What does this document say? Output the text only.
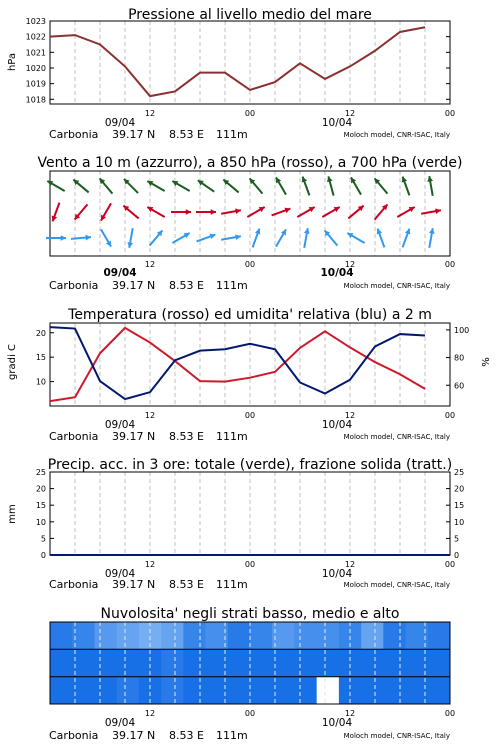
Pressione al livello medio del mare
hPa
1018
1019
1020
1021
1022
1023
12	00	12	00
09/04	10/04
Carbonia 39.17 N 8.53 E 111m	Moloch model, CNR-ISAC, Italy
Vento a 10 m (azzurro), a 850 hPa (rosso), a 700 hPa (verde)
12	00	12	00
09/04	10/04
Carbonia 39.17 N 8.53 E 111m	Moloch model, CNR-ISAC, Italy
Temperatura (rosso) ed umidita' relativa (blu) a 2 m
gradi C	%
10
15
20
60
80
100
12	00	12	00
09/04	10/04
Carbonia 39.17 N 8.53 E 111m	Moloch model, CNR-ISAC, Italy
Precip. acc. in 3 ore: totale (verde), frazione solida (tratt.)
mm
0	0
5	5
10	10
15	15
20	20
25	25
12	00	12	00
09/04	10/04
Carbonia 39.17 N 8.53 E 111m	Moloch model, CNR-ISAC, Italy
Nuvolosita' negli strati basso, medio e alto
12	00	12	00
09/04	10/04
Carbonia 39.17 N 8.53 E 111m	Moloch model, CNR-ISAC, Italy
